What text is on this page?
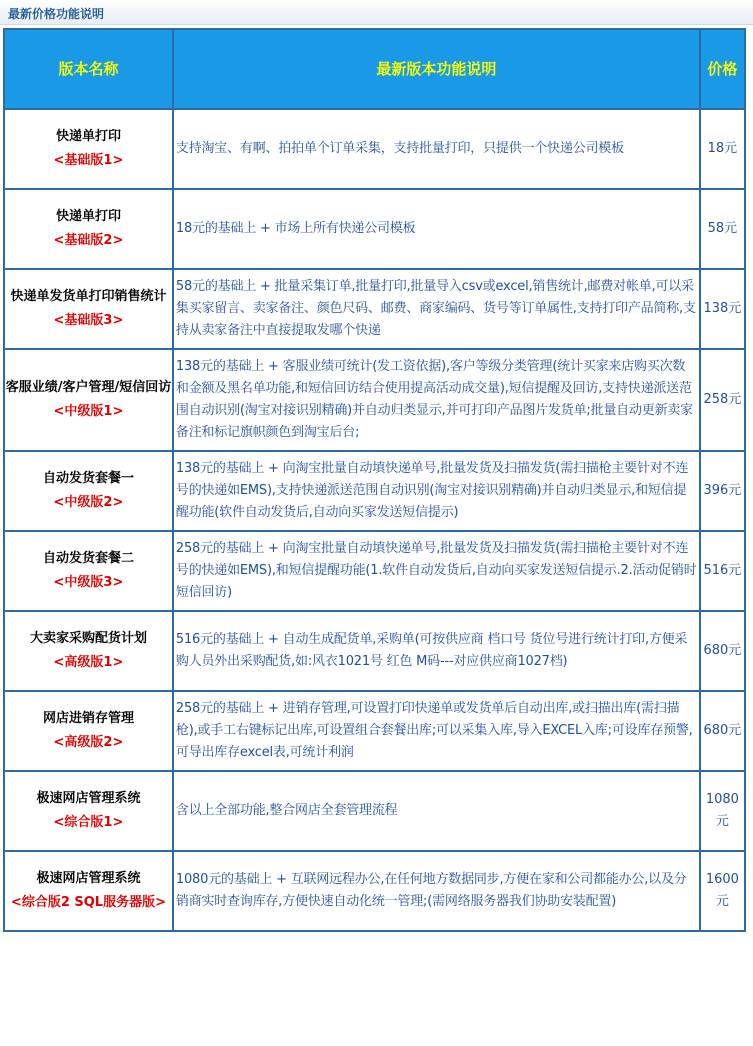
最新价格功能说明
版本名称	最新版本功能说明	价格

快递单打印
<基础版1>	支持淘宝、有啊、拍拍单个订单采集，支持批量打印，只提供一个快递公司模板	18元

快递单打印
<基础版2>	18元的基础上 + 市场上所有快递公司模板	58元

快递单发货单打印销售统计
<基础版3>	58元的基础上 + 批量采集订单,批量打印,批量导入csv或excel,销售统计,邮费对帐单,可以采集买家留言、卖家备注、颜色尺码、邮费、商家编码、货号等订单属性,支持打印产品简称,支持从卖家备注中直接提取发哪个快递	138元

客服业绩/客户管理/短信回访
<中级版1>	138元的基础上 + 客服业绩可统计(发工资依据),客户等级分类管理(统计买家来店购买次数和金额及黑名单功能,和短信回访结合使用提高活动成交量),短信提醒及回访,支持快递派送范围自动识别(淘宝对接识别精确)并自动归类显示,并可打印产品图片发货单;批量自动更新卖家备注和标记旗帜颜色到淘宝后台;	258元

自动发货套餐一
<中级版2>	138元的基础上 + 向淘宝批量自动填快递单号,批量发货及扫描发货(需扫描枪主要针对不连号的快递如EMS),支持快递派送范围自动识别(淘宝对接识别精确)并自动归类显示,和短信提醒功能(软件自动发货后,自动向买家发送短信提示)	396元

自动发货套餐二
<中级版3>	258元的基础上 + 向淘宝批量自动填快递单号,批量发货及扫描发货(需扫描枪主要针对不连号的快递如EMS),和短信提醒功能(1.软件自动发货后,自动向买家发送短信提示.2.活动促销时短信回访)	516元

大卖家采购配货计划
<高级版1>	516元的基础上 + 自动生成配货单,采购单(可按供应商 档口号 货位号进行统计打印,方便采购人员外出采购配货,如:风衣1021号 红色 M码---对应供应商1027档)	680元

网店进销存管理
<高级版2>	258元的基础上 + 进销存管理,可设置打印快递单或发货单后自动出库,或扫描出库(需扫描枪),或手工右键标记出库,可设置组合套餐出库;可以采集入库,导入EXCEL入库;可设库存预警,可导出库存excel表,可统计利润	680元

极速网店管理系统
<综合版1>	含以上全部功能,整合网店全套管理流程	1080元

极速网店管理系统
<综合版2 SQL服务器版>	1080元的基础上 + 互联网远程办公,在任何地方数据同步,方便在家和公司都能办公,以及分销商实时查询库存,方便快速自动化统一管理;(需网络服务器我们协助安装配置)	1600元
